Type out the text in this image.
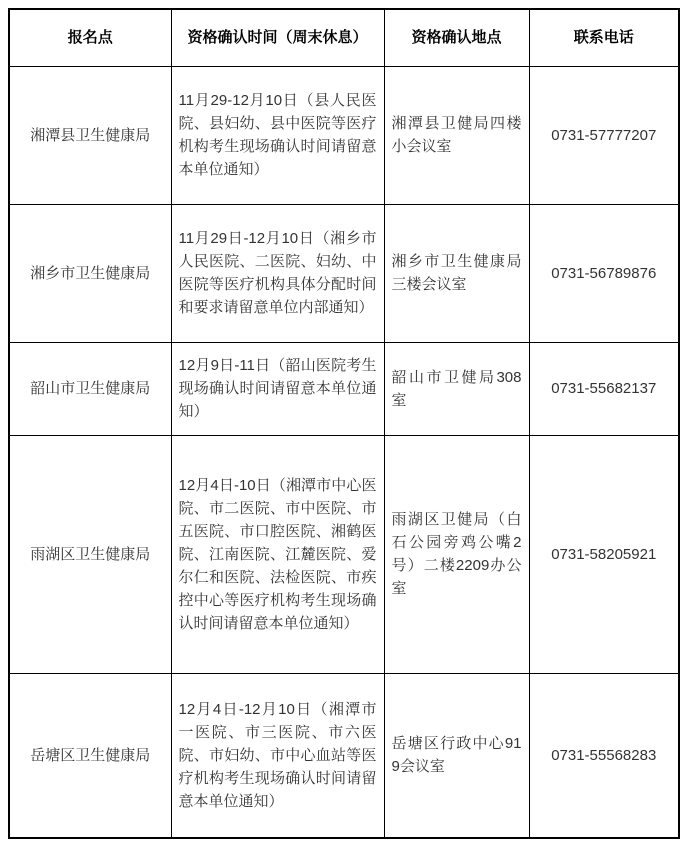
报名点	资格确认时间（周末休息）	资格确认地点	联系电话
湘潭县卫生健康局	11月29-12月10日（县人民医院、县妇幼、县中医院等医疗机构考生现场确认时间请留意本单位通知）	湘潭县卫健局四楼小会议室	0731-57777207
湘乡市卫生健康局	11月29日-12月10日（湘乡市人民医院、二医院、妇幼、中医院等医疗机构具体分配时间和要求请留意单位内部通知）	湘乡市卫生健康局三楼会议室	0731-56789876
韶山市卫生健康局	12月9日-11日（韶山医院考生现场确认时间请留意本单位通知）	韶山市卫健局308室	0731-55682137
雨湖区卫生健康局	12月4日-10日（湘潭市中心医院、市二医院、市中医院、市五医院、市口腔医院、湘鹤医院、江南医院、江麓医院、爱尔仁和医院、法检医院、市疾控中心等医疗机构考生现场确认时间请留意本单位通知）	雨湖区卫健局（白石公园旁鸡公嘴2号）二楼2209办公室	0731-58205921
岳塘区卫生健康局	12月4日-12月10日（湘潭市一医院、市三医院、市六医院、市妇幼、市中心血站等医疗机构考生现场确认时间请留意本单位通知）	岳塘区行政中心919会议室	0731-55568283
